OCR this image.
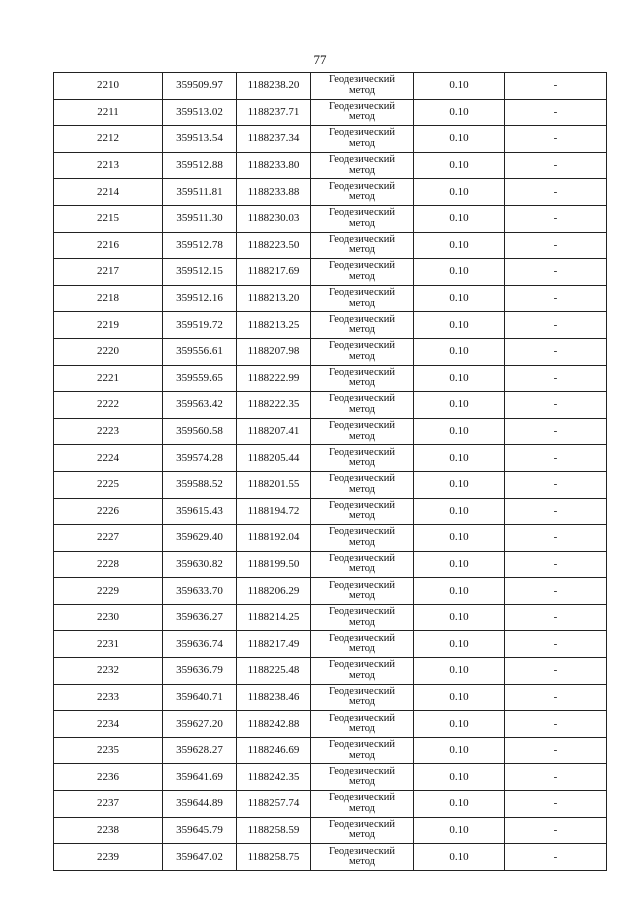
77
2210	359509.97	1188238.20	Геодезический
метод	0.10	-
2211	359513.02	1188237.71	Геодезический
метод	0.10	-
2212	359513.54	1188237.34	Геодезический
метод	0.10	-
2213	359512.88	1188233.80	Геодезический
метод	0.10	-
2214	359511.81	1188233.88	Геодезический
метод	0.10	-
2215	359511.30	1188230.03	Геодезический
метод	0.10	-
2216	359512.78	1188223.50	Геодезический
метод	0.10	-
2217	359512.15	1188217.69	Геодезический
метод	0.10	-
2218	359512.16	1188213.20	Геодезический
метод	0.10	-
2219	359519.72	1188213.25	Геодезический
метод	0.10	-
2220	359556.61	1188207.98	Геодезический
метод	0.10	-
2221	359559.65	1188222.99	Геодезический
метод	0.10	-
2222	359563.42	1188222.35	Геодезический
метод	0.10	-
2223	359560.58	1188207.41	Геодезический
метод	0.10	-
2224	359574.28	1188205.44	Геодезический
метод	0.10	-
2225	359588.52	1188201.55	Геодезический
метод	0.10	-
2226	359615.43	1188194.72	Геодезический
метод	0.10	-
2227	359629.40	1188192.04	Геодезический
метод	0.10	-
2228	359630.82	1188199.50	Геодезический
метод	0.10	-
2229	359633.70	1188206.29	Геодезический
метод	0.10	-
2230	359636.27	1188214.25	Геодезический
метод	0.10	-
2231	359636.74	1188217.49	Геодезический
метод	0.10	-
2232	359636.79	1188225.48	Геодезический
метод	0.10	-
2233	359640.71	1188238.46	Геодезический
метод	0.10	-
2234	359627.20	1188242.88	Геодезический
метод	0.10	-
2235	359628.27	1188246.69	Геодезический
метод	0.10	-
2236	359641.69	1188242.35	Геодезический
метод	0.10	-
2237	359644.89	1188257.74	Геодезический
метод	0.10	-
2238	359645.79	1188258.59	Геодезический
метод	0.10	-
2239	359647.02	1188258.75	Геодезический
метод	0.10	-
